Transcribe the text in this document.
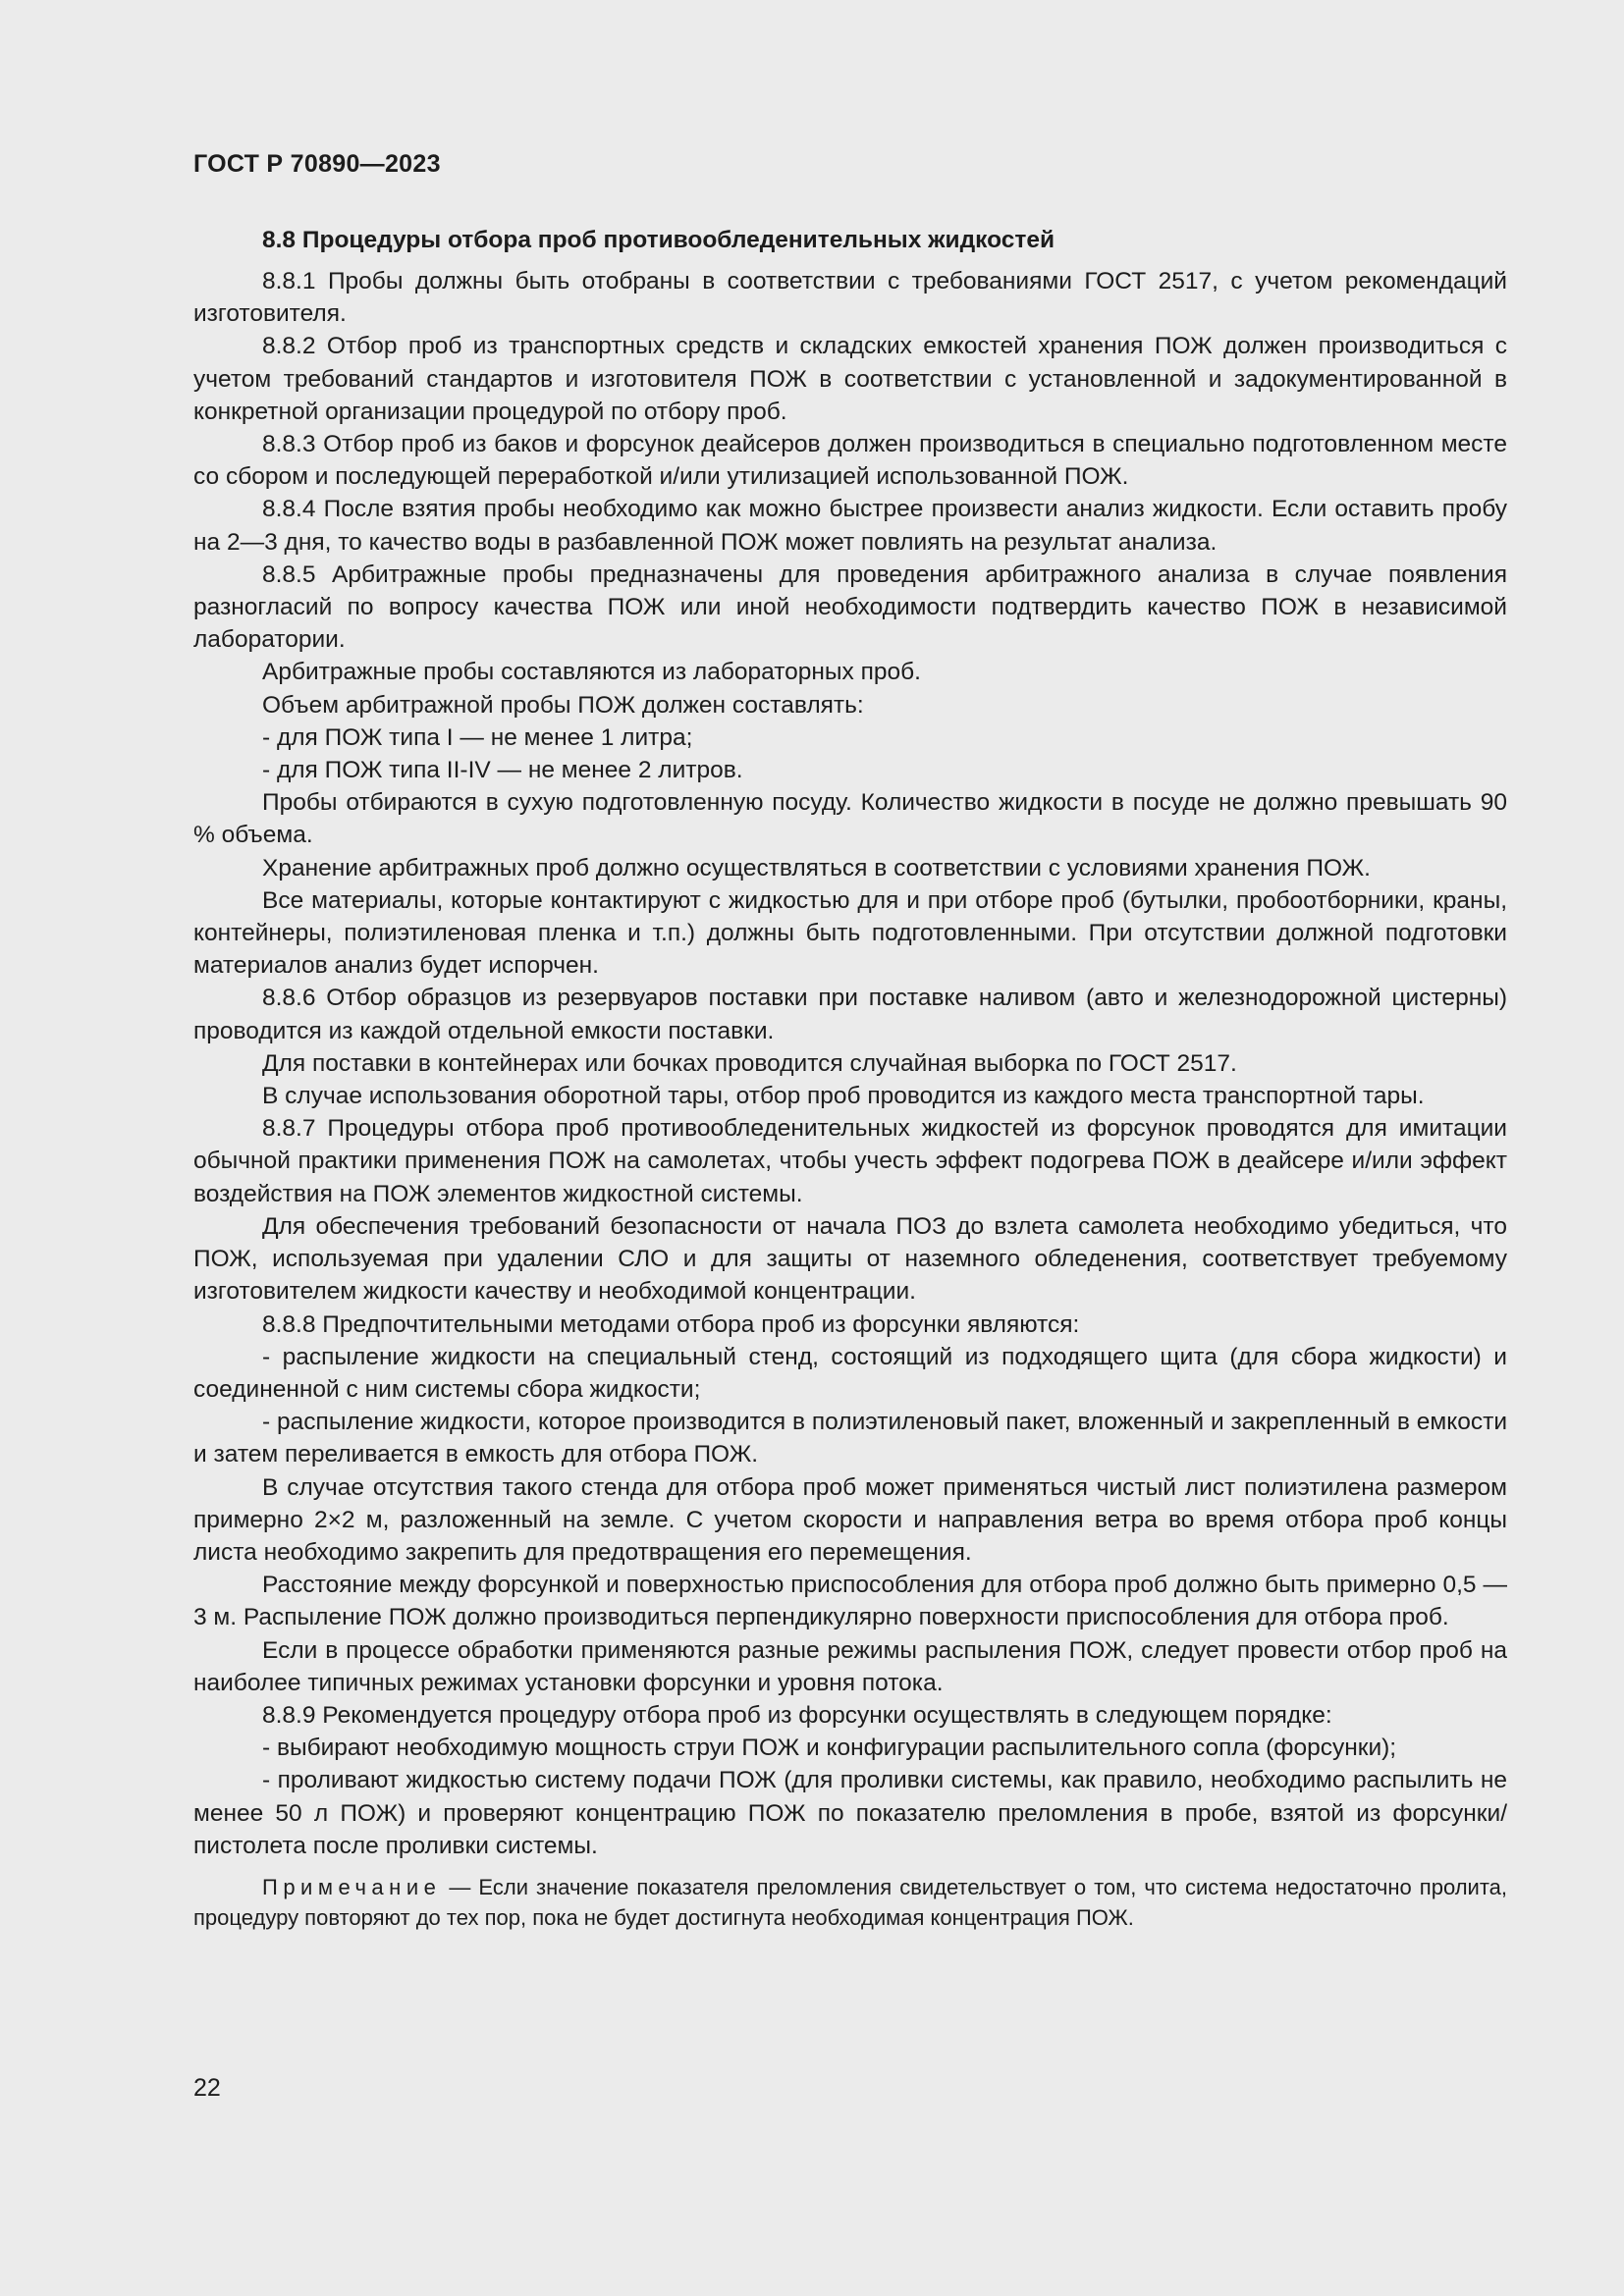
ГОСТ Р 70890—2023
8.8 Процедуры отбора проб противообледенительных жидкостей

8.8.1 Пробы должны быть отобраны в соответствии с требованиями ГОСТ 2517, с учетом рекомендаций изготовителя.

8.8.2 Отбор проб из транспортных средств и складских емкостей хранения ПОЖ должен производиться с учетом требований стандартов и изготовителя ПОЖ в соответствии с установленной и задокументированной в конкретной организации процедурой по отбору проб.

8.8.3 Отбор проб из баков и форсунок деайсеров должен производиться в специально подготовленном месте со сбором и последующей переработкой и/или утилизацией использованной ПОЖ.

8.8.4 После взятия пробы необходимо как можно быстрее произвести анализ жидкости. Если оставить пробу на 2—3 дня, то качество воды в разбавленной ПОЖ может повлиять на результат анализа.

8.8.5 Арбитражные пробы предназначены для проведения арбитражного анализа в случае появления разногласий по вопросу качества ПОЖ или иной необходимости подтвердить качество ПОЖ в независимой лаборатории.

Арбитражные пробы составляются из лабораторных проб.

Объем арбитражной пробы ПОЖ должен составлять:

- для ПОЖ типа I — не менее 1 литра;

- для ПОЖ типа II-IV — не менее 2 литров.

Пробы отбираются в сухую подготовленную посуду. Количество жидкости в посуде не должно превышать 90 % объема.

Хранение арбитражных проб должно осуществляться в соответствии с условиями хранения ПОЖ.

Все материалы, которые контактируют с жидкостью для и при отборе проб (бутылки, пробоотборники, краны, контейнеры, полиэтиленовая пленка и т.п.) должны быть подготовленными. При отсутствии должной подготовки материалов анализ будет испорчен.

8.8.6 Отбор образцов из резервуаров поставки при поставке наливом (авто и железнодорожной цистерны) проводится из каждой отдельной емкости поставки.

Для поставки в контейнерах или бочках проводится случайная выборка по ГОСТ 2517.

В случае использования оборотной тары, отбор проб проводится из каждого места транспортной тары.

8.8.7 Процедуры отбора проб противообледенительных жидкостей из форсунок проводятся для имитации обычной практики применения ПОЖ на самолетах, чтобы учесть эффект подогрева ПОЖ в деайсере и/или эффект воздействия на ПОЖ элементов жидкостной системы.

Для обеспечения требований безопасности от начала ПОЗ до взлета самолета необходимо убедиться, что ПОЖ, используемая при удалении СЛО и для защиты от наземного обледенения, соответствует требуемому изготовителем жидкости качеству и необходимой концентрации.

8.8.8 Предпочтительными методами отбора проб из форсунки являются:

- распыление жидкости на специальный стенд, состоящий из подходящего щита (для сбора жидкости) и соединенной с ним системы сбора жидкости;

- распыление жидкости, которое производится в полиэтиленовый пакет, вложенный и закрепленный в емкости и затем переливается в емкость для отбора ПОЖ.

В случае отсутствия такого стенда для отбора проб может применяться чистый лист полиэтилена размером примерно 2×2 м, разложенный на земле. С учетом скорости и направления ветра во время отбора проб концы листа необходимо закрепить для предотвращения его перемещения.

Расстояние между форсункой и поверхностью приспособления для отбора проб должно быть примерно 0,5 — 3 м. Распыление ПОЖ должно производиться перпендикулярно поверхности приспособления для отбора проб.

Если в процессе обработки применяются разные режимы распыления ПОЖ, следует провести отбор проб на наиболее типичных режимах установки форсунки и уровня потока.

8.8.9 Рекомендуется процедуру отбора проб из форсунки осуществлять в следующем порядке:

- выбирают необходимую мощность струи ПОЖ и конфигурации распылительного сопла (форсунки);

- проливают жидкостью систему подачи ПОЖ (для проливки системы, как правило, необходимо распылить не менее 50 л ПОЖ) и проверяют концентрацию ПОЖ по показателю преломления в пробе, взятой из форсунки/пистолета после проливки системы.

Примечание — Если значение показателя преломления свидетельствует о том, что система недостаточно пролита, процедуру повторяют до тех пор, пока не будет достигнута необходимая концентрация ПОЖ.
22
